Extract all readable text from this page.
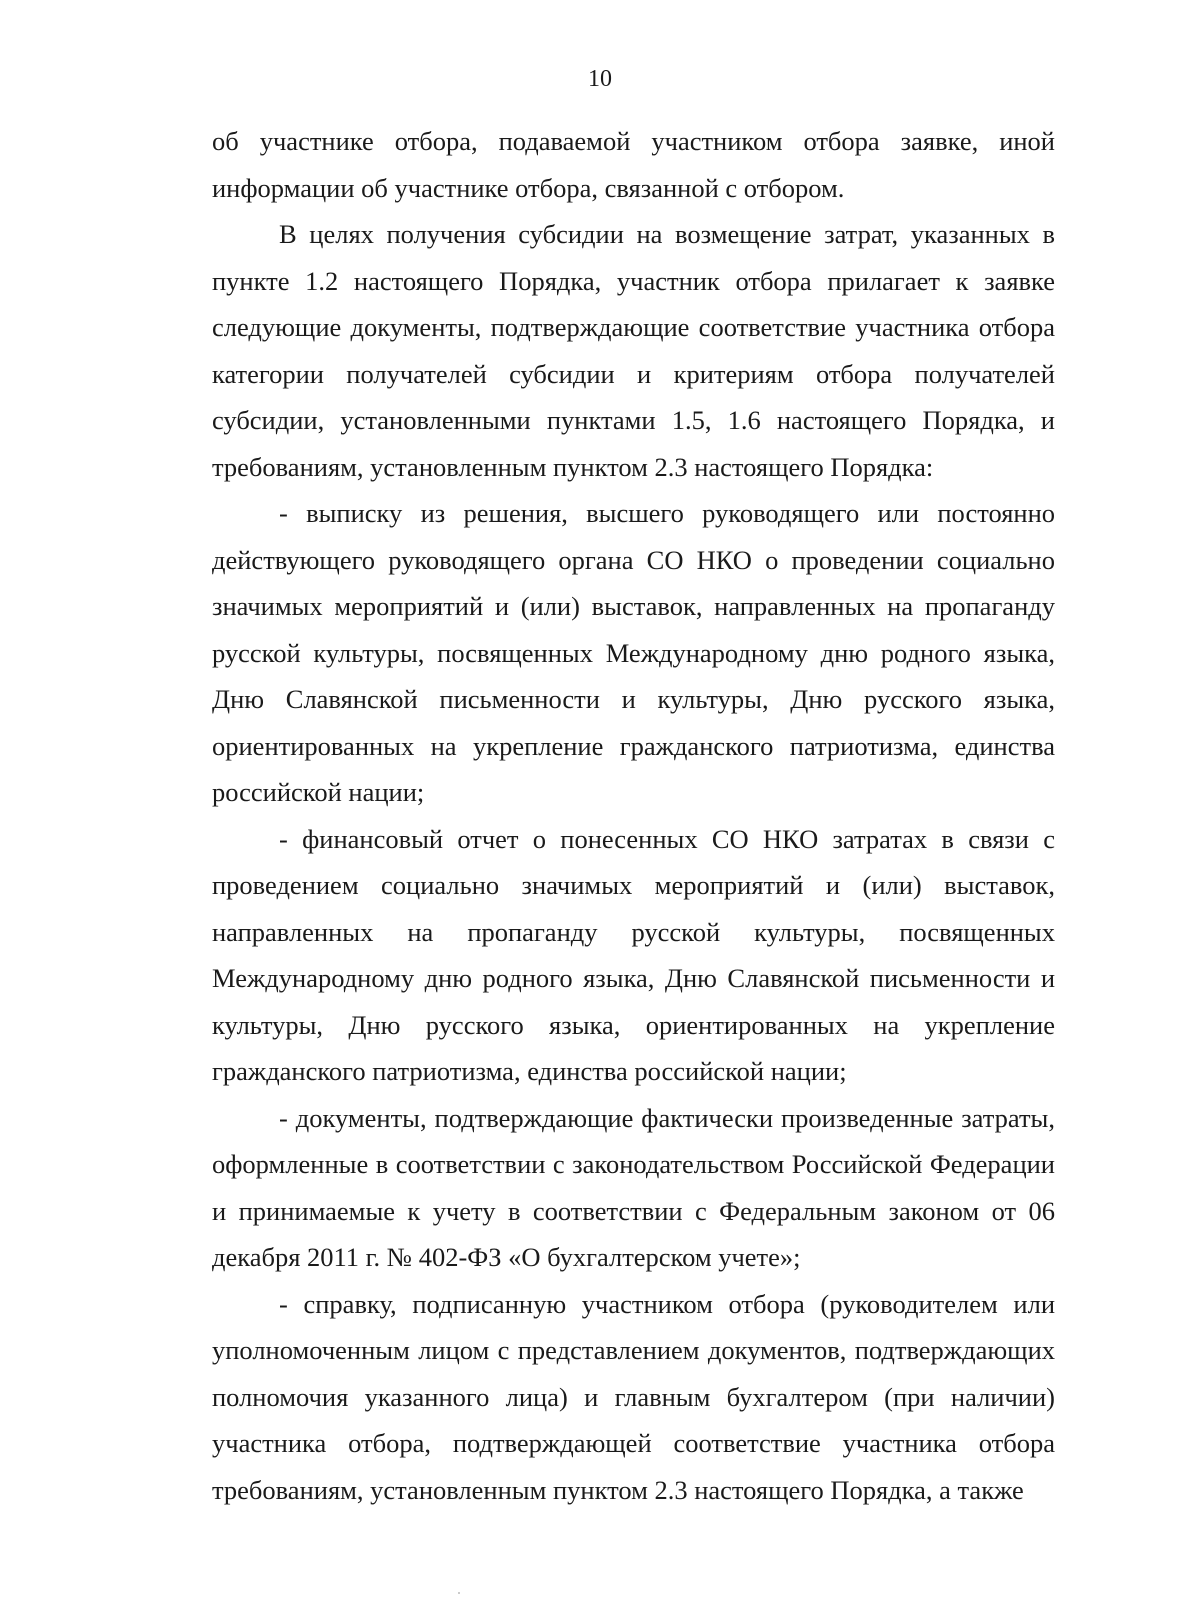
10

об участнике отбора, подаваемой участником отбора заявке, иной информации об участнике отбора, связанной с отбором.

В целях получения субсидии на возмещение затрат, указанных в пункте 1.2 настоящего Порядка, участник отбора прилагает к заявке следующие документы, подтверждающие соответствие участника отбора категории получателей субсидии и критериям отбора получателей субсидии, установленными пунктами 1.5, 1.6 настоящего Порядка, и требованиям, установленным пунктом 2.3 настоящего Порядка:

- выписку из решения, высшего руководящего или постоянно действующего руководящего органа СО НКО о проведении социально значимых мероприятий и (или) выставок, направленных на пропаганду русской культуры, посвященных Международному дню родного языка, Дню Славянской письменности и культуры, Дню русского языка, ориентированных на укрепление гражданского патриотизма, единства российской нации;

- финансовый отчет о понесенных СО НКО затратах в связи с проведением социально значимых мероприятий и (или) выставок, направленных на пропаганду русской культуры, посвященных Международному дню родного языка, Дню Славянской письменности и культуры, Дню русского языка, ориентированных на укрепление гражданского патриотизма, единства российской нации;

- документы, подтверждающие фактически произведенные затраты, оформленные в соответствии с законодательством Российской Федерации и принимаемые к учету в соответствии с Федеральным законом от 06 декабря 2011 г. № 402-ФЗ «О бухгалтерском учете»;

- справку, подписанную участником отбора (руководителем или уполномоченным лицом с представлением документов, подтверждающих полномочия указанного лица) и главным бухгалтером (при наличии) участника отбора, подтверждающей соответствие участника отбора требованиям, установленным пунктом 2.3 настоящего Порядка, а также
